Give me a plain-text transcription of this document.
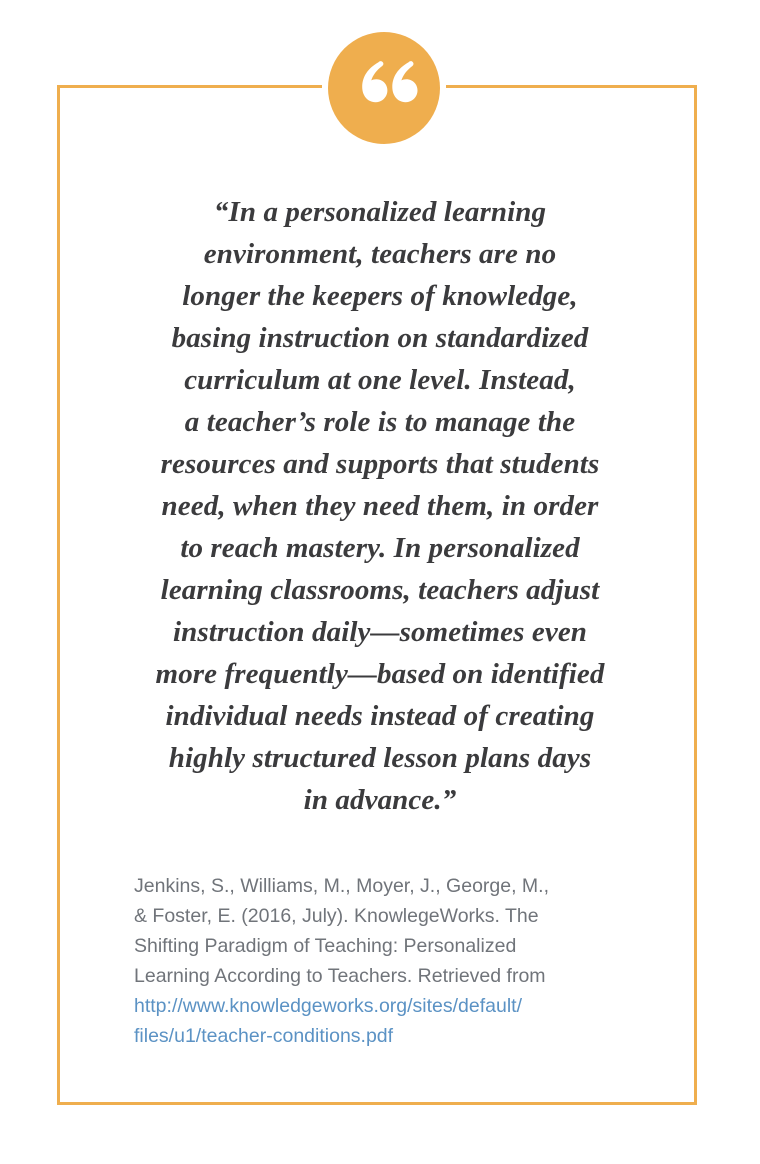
“In a personalized learning
environment, teachers are no
longer the keepers of knowledge,
basing instruction on standardized
curriculum at one level. Instead,
a teacher’s role is to manage the
resources and supports that students
need, when they need them, in order
to reach mastery. In personalized
learning classrooms, teachers adjust
instruction daily—sometimes even
more frequently—based on identified
individual needs instead of creating
highly structured lesson plans days
in advance.”

Jenkins, S., Williams, M., Moyer, J., George, M.,
& Foster, E. (2016, July). KnowlegeWorks. The
Shifting Paradigm of Teaching: Personalized
Learning According to Teachers. Retrieved from
http://www.knowledgeworks.org/sites/default/
files/u1/teacher-conditions.pdf
